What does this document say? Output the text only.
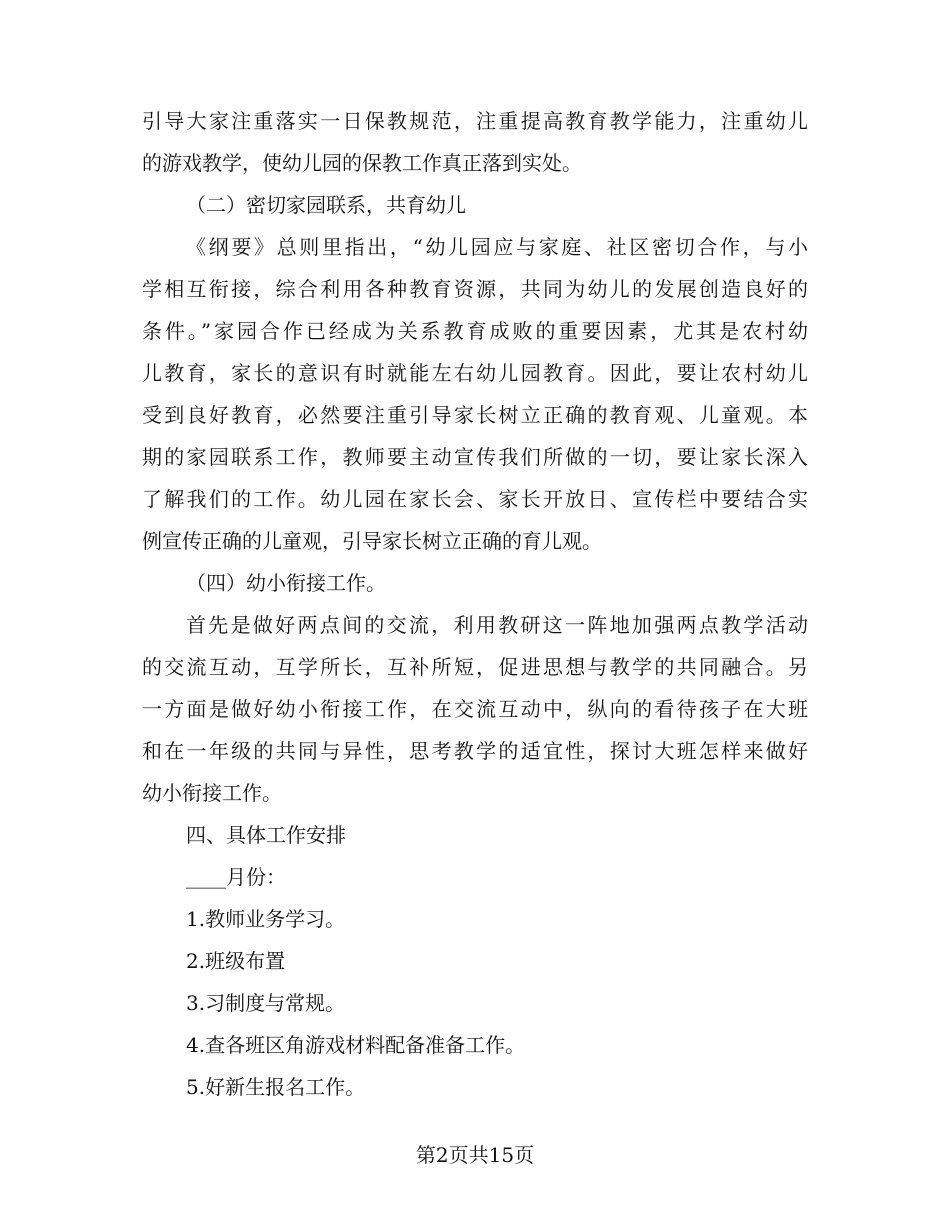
引导大家注重落实一日保教规范，注重提高教育教学能力，注重幼儿
的游戏教学，使幼儿园的保教工作真正落到实处。
（二）密切家园联系，共育幼儿
《纲要》总则里指出，“幼儿园应与家庭、社区密切合作，与小
学相互衔接，综合利用各种教育资源，共同为幼儿的发展创造良好的
条件。”家园合作已经成为关系教育成败的重要因素，尤其是农村幼
儿教育，家长的意识有时就能左右幼儿园教育。因此，要让农村幼儿
受到良好教育，必然要注重引导家长树立正确的教育观、儿童观。本
期的家园联系工作，教师要主动宣传我们所做的一切，要让家长深入
了解我们的工作。幼儿园在家长会、家长开放日、宣传栏中要结合实
例宣传正确的儿童观，引导家长树立正确的育儿观。
（四）幼小衔接工作。
首先是做好两点间的交流，利用教研这一阵地加强两点教学活动
的交流互动，互学所长，互补所短，促进思想与教学的共同融合。另
一方面是做好幼小衔接工作，在交流互动中，纵向的看待孩子在大班
和在一年级的共同与异性，思考教学的适宜性，探讨大班怎样来做好
幼小衔接工作。
四、具体工作安排
____月份：
1.教师业务学习。
2.班级布置
3.习制度与常规。
4.查各班区角游戏材料配备准备工作。
5.好新生报名工作。
第2页共15页
